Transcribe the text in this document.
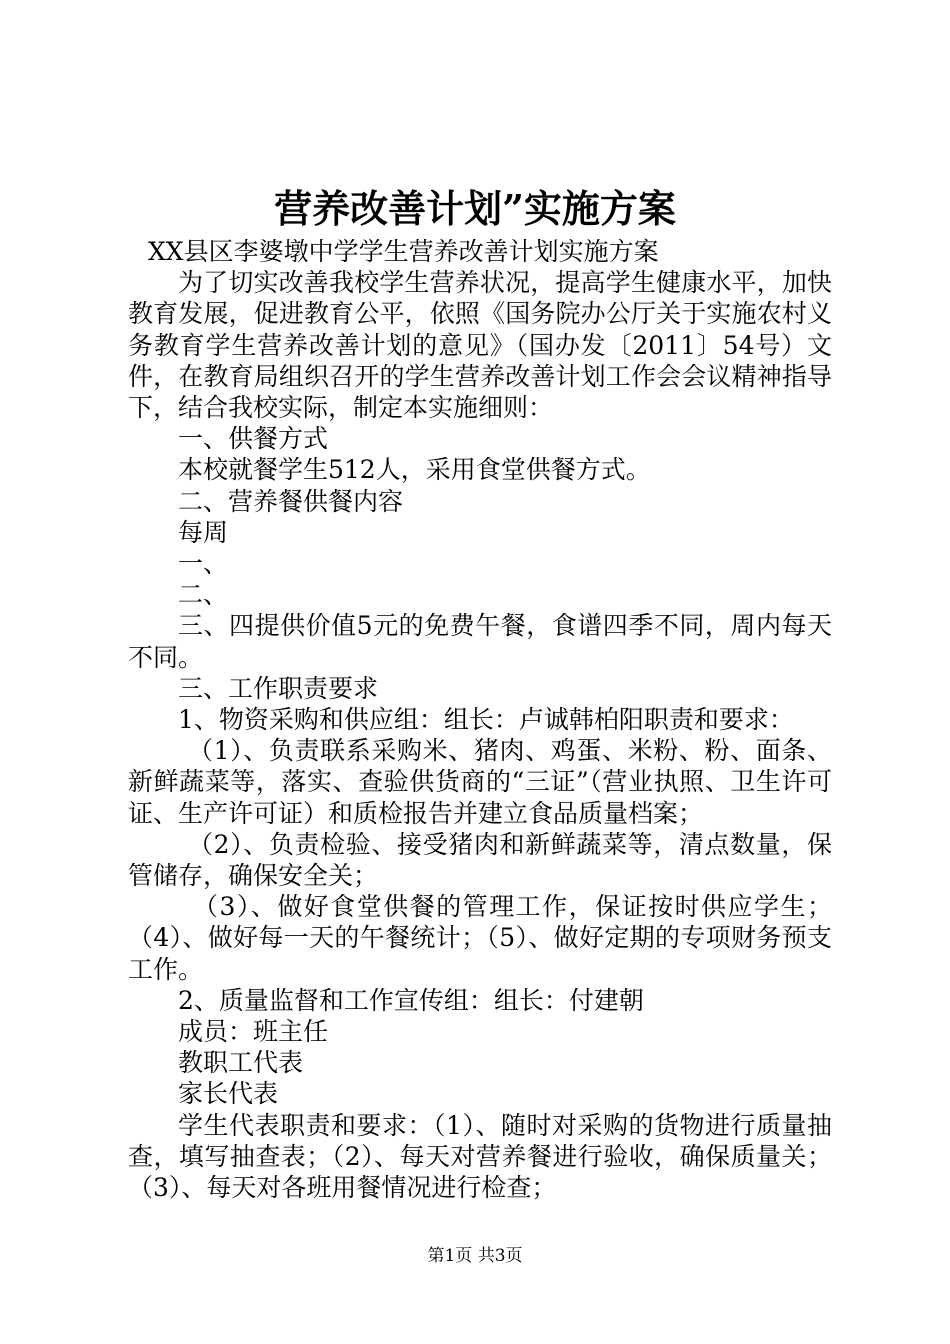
营养改善计划”实施方案

XX县区李婆墩中学学生营养改善计划实施方案

为了切实改善我校学生营养状况，提高学生健康水平，加快教育发展，促进教育公平，依照《国务院办公厅关于实施农村义务教育学生营养改善计划的意见》（国办发〔2011〕54号）文件，在教育局组织召开的学生营养改善计划工作会会议精神指导下，结合我校实际，制定本实施细则：

一、供餐方式

本校就餐学生512人，采用食堂供餐方式。

二、营养餐供餐内容

每周

一、

二、

三、四提供价值5元的免费午餐，食谱四季不同，周内每天不同。

三、工作职责要求

1、物资采购和供应组：组长：卢诚韩柏阳职责和要求：

（1）、负责联系采购米、猪肉、鸡蛋、米粉、粉、面条、新鲜蔬菜等，落实、查验供货商的“三证”（营业执照、卫生许可证、生产许可证）和质检报告并建立食品质量档案；

（2）、负责检验、接受猪肉和新鲜蔬菜等，清点数量，保管储存，确保安全关；

（3）、做好食堂供餐的管理工作，保证按时供应学生；（4）、做好每一天的午餐统计；（5）、做好定期的专项财务预支工作。

2、质量监督和工作宣传组：组长：付建朝

成员：班主任

教职工代表

家长代表

学生代表职责和要求：（1）、随时对采购的货物进行质量抽查，填写抽查表；（2）、每天对营养餐进行验收，确保质量关；（3）、每天对各班用餐情况进行检查；

第1页 共3页
